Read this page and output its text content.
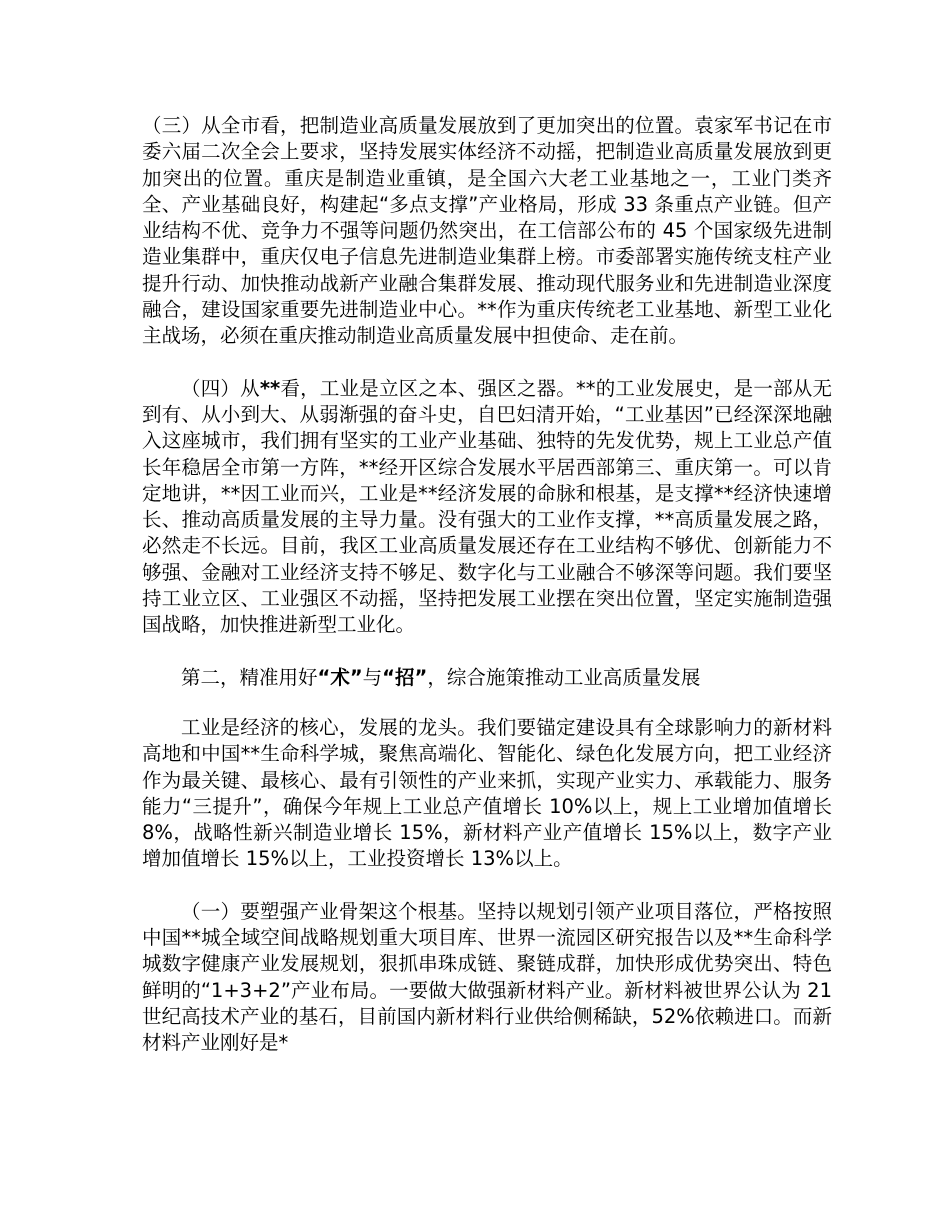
（三）从全市看，把制造业高质量发展放到了更加突出的位置。袁家军书记在市委六届二次全会上要求，坚持发展实体经济不动摇，把制造业高质量发展放到更加突出的位置。重庆是制造业重镇，是全国六大老工业基地之一，工业门类齐全、产业基础良好，构建起“多点支撑”产业格局，形成 33 条重点产业链。但产业结构不优、竞争力不强等问题仍然突出，在工信部公布的 45 个国家级先进制造业集群中，重庆仅电子信息先进制造业集群上榜。市委部署实施传统支柱产业提升行动、加快推动战新产业融合集群发展、推动现代服务业和先进制造业深度融合，建设国家重要先进制造业中心。**作为重庆传统老工业基地、新型工业化主战场，必须在重庆推动制造业高质量发展中担使命、走在前。

（四）从**看，工业是立区之本、强区之器。**的工业发展史，是一部从无到有、从小到大、从弱渐强的奋斗史，自巴妇清开始，“工业基因”已经深深地融入这座城市，我们拥有坚实的工业产业基础、独特的先发优势，规上工业总产值长年稳居全市第一方阵，**经开区综合发展水平居西部第三、重庆第一。可以肯定地讲，**因工业而兴，工业是**经济发展的命脉和根基，是支撑**经济快速增长、推动高质量发展的主导力量。没有强大的工业作支撑，**高质量发展之路，必然走不长远。目前，我区工业高质量发展还存在工业结构不够优、创新能力不够强、金融对工业经济支持不够足、数字化与工业融合不够深等问题。我们要坚持工业立区、工业强区不动摇，坚持把发展工业摆在突出位置，坚定实施制造强国战略，加快推进新型工业化。

第二，精准用好“术”与“招”，综合施策推动工业高质量发展

工业是经济的核心，发展的龙头。我们要锚定建设具有全球影响力的新材料高地和中国**生命科学城，聚焦高端化、智能化、绿色化发展方向，把工业经济作为最关键、最核心、最有引领性的产业来抓，实现产业实力、承载能力、服务能力“三提升”，确保今年规上工业总产值增长 10%以上，规上工业增加值增长 8%，战略性新兴制造业增长 15%，新材料产业产值增长 15%以上，数字产业增加值增长 15%以上，工业投资增长 13%以上。

（一）要塑强产业骨架这个根基。坚持以规划引领产业项目落位，严格按照中国**城全域空间战略规划重大项目库、世界一流园区研究报告以及**生命科学城数字健康产业发展规划，狠抓串珠成链、聚链成群，加快形成优势突出、特色鲜明的“1+3+2”产业布局。一要做大做强新材料产业。新材料被世界公认为 21 世纪高技术产业的基石，目前国内新材料行业供给侧稀缺，52%依赖进口。而新材料产业刚好是*
